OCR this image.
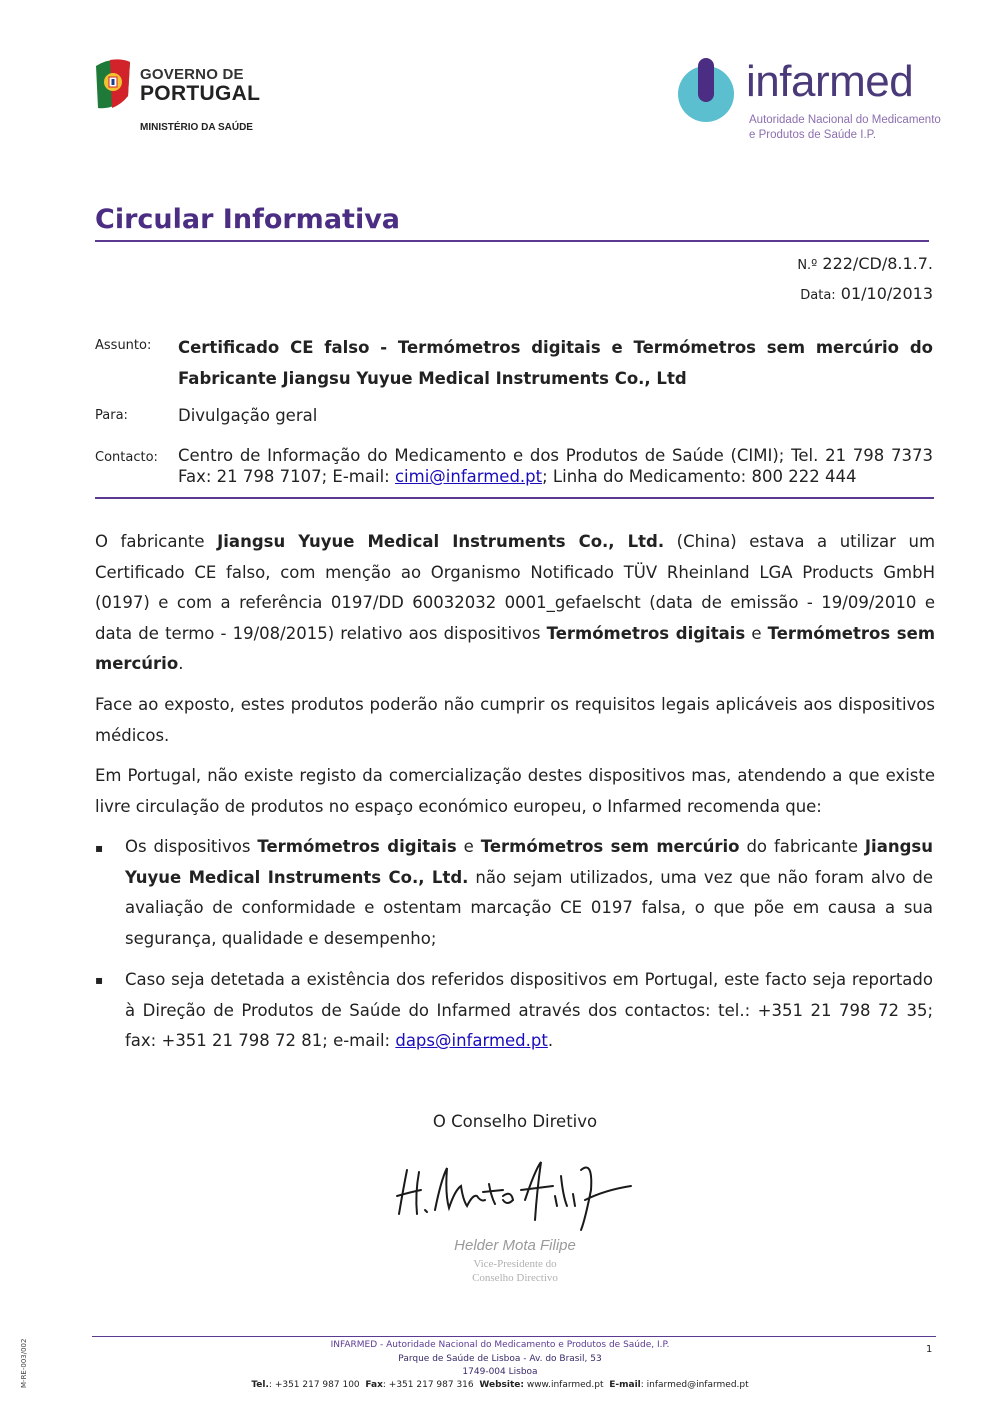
GOVERNO DE
PORTUGAL
MINISTÉRIO DA SAÚDE
infarmed
Autoridade Nacional do Medicamento
e Produtos de Saúde I.P.
Circular Informativa
N.º 222/CD/8.1.7.
Data: 01/10/2013
Assunto: Certificado CE falso - Termómetros digitais e Termómetros sem mercúrio do Fabricante Jiangsu Yuyue Medical Instruments Co., Ltd
Para:	Divulgação geral
Contacto: Centro de Informação do Medicamento e dos Produtos de Saúde (CIMI); Tel. 21 798 7373 Fax: 21 798 7107; E-mail: cimi@infarmed.pt; Linha do Medicamento: 800 222 444
O fabricante Jiangsu Yuyue Medical Instruments Co., Ltd. (China) estava a utilizar um Certificado CE falso, com menção ao Organismo Notificado TÜV Rheinland LGA Products GmbH (0197) e com a referência 0197/DD 60032032 0001_gefaelscht (data de emissão - 19/09/2010 e data de termo - 19/08/2015) relativo aos dispositivos Termómetros digitais e Termómetros sem mercúrio.
Face ao exposto, estes produtos poderão não cumprir os requisitos legais aplicáveis aos dispositivos médicos.
Em Portugal, não existe registo da comercialização destes dispositivos mas, atendendo a que existe livre circulação de produtos no espaço económico europeu, o Infarmed recomenda que:
▪ Os dispositivos Termómetros digitais e Termómetros sem mercúrio do fabricante Jiangsu Yuyue Medical Instruments Co., Ltd. não sejam utilizados, uma vez que não foram alvo de avaliação de conformidade e ostentam marcação CE 0197 falsa, o que põe em causa a sua segurança, qualidade e desempenho;
▪ Caso seja detetada a existência dos referidos dispositivos em Portugal, este facto seja reportado à Direção de Produtos de Saúde do Infarmed através dos contactos: tel.: +351 21 798 72 35; fax: +351 21 798 72 81; e-mail: daps@infarmed.pt.
O Conselho Diretivo
Helder Mota Filipe
Vice-Presidente do
Conselho Directivo
INFARMED - Autoridade Nacional do Medicamento e Produtos de Saúde, I.P.
Parque de Saúde de Lisboa - Av. do Brasil, 53
1749-004 Lisboa
Tel.: +351 217 987 100 Fax: +351 217 987 316 Website: www.infarmed.pt E-mail: infarmed@infarmed.pt
1
M-RE-003/002
